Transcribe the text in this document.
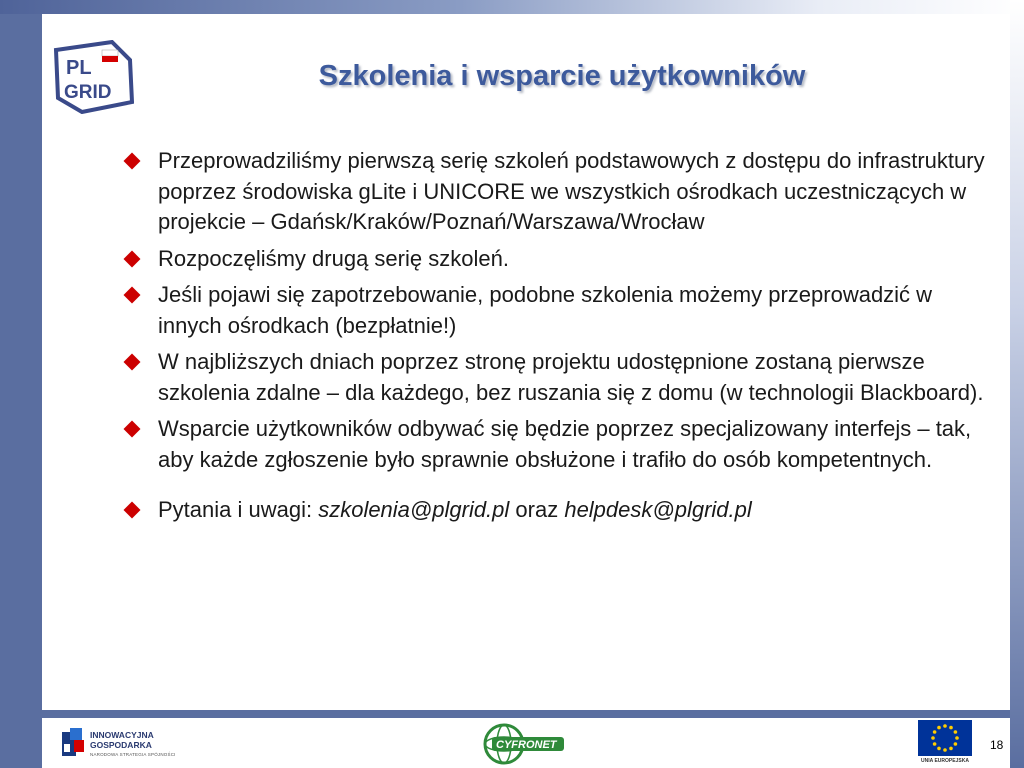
PL
GRID
Szkolenia i wsparcie użytkowników
Przeprowadziliśmy pierwszą serię szkoleń podstawowych z dostępu do infrastruktury poprzez środowiska gLite i UNICORE we wszystkich ośrodkach uczestniczących w projekcie – Gdańsk/Kraków/Poznań/Warszawa/Wrocław
Rozpoczęliśmy drugą serię szkoleń.
Jeśli pojawi się zapotrzebowanie, podobne szkolenia możemy przeprowadzić w innych ośrodkach (bezpłatnie!)
W najbliższych dniach poprzez stronę projektu udostępnione zostaną pierwsze szkolenia zdalne – dla każdego, bez ruszania się z domu (w technologii Blackboard).
Wsparcie użytkowników odbywać się będzie poprzez specjalizowany interfejs – tak, aby każde zgłoszenie było sprawnie obsłużone i trafiło do osób kompetentnych.
Pytania i uwagi: szkolenia@plgrid.pl oraz helpdesk@plgrid.pl
INNOWACYJNA
GOSPODARKA
NARODOWA STRATEGIA SPÓJNOŚCI
CYFRONET
UNIA EUROPEJSKA
18
